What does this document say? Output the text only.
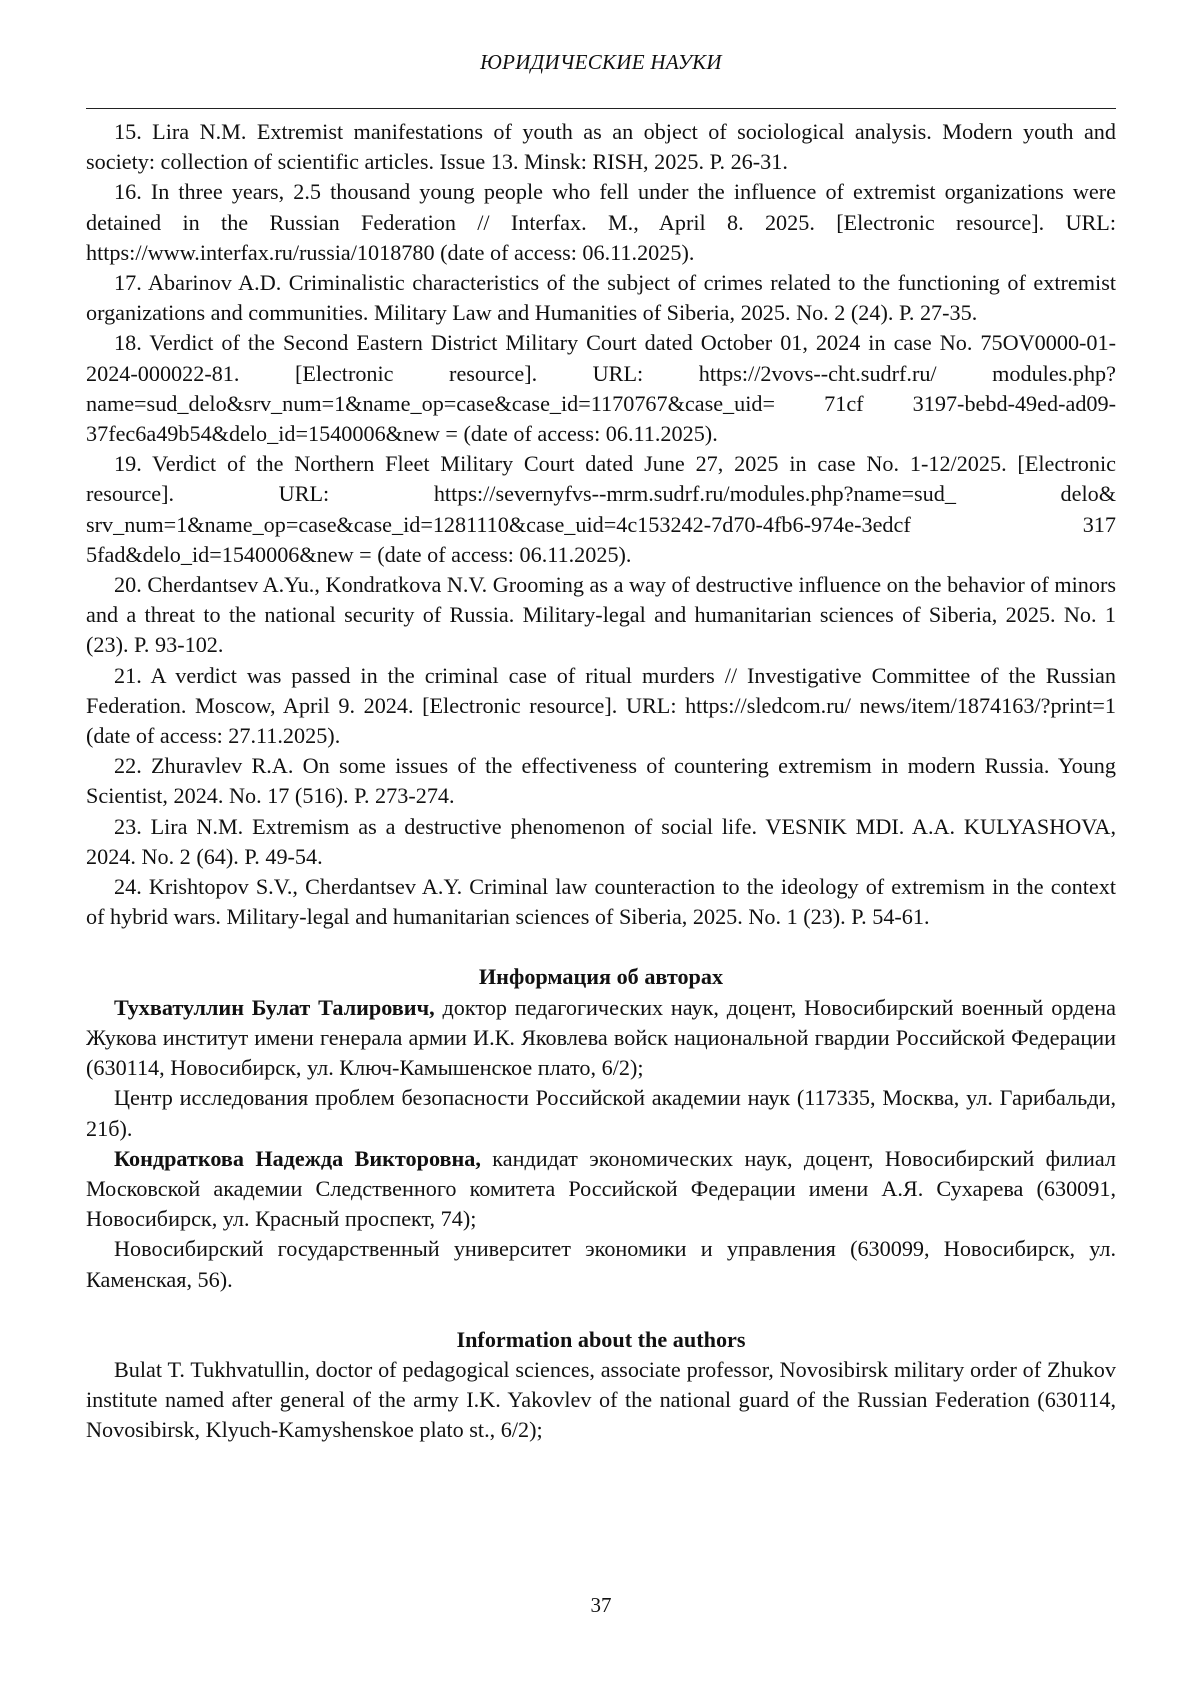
ЮРИДИЧЕСКИЕ НАУКИ

15. Lira N.M. Extremist manifestations of youth as an object of sociological analysis. Modern youth and society: collection of scientific articles. Issue 13. Minsk: RISH, 2025. P. 26-31.

16. In three years, 2.5 thousand young people who fell under the influence of extremist organizations were detained in the Russian Federation // Interfax. M., April 8. 2025. [Electronic resource]. URL: https://www.interfax.ru/russia/1018780 (date of access: 06.11.2025).

17. Abarinov A.D. Criminalistic characteristics of the subject of crimes related to the functioning of extremist organizations and communities. Military Law and Humanities of Siberia, 2025. No. 2 (24). P. 27-35.

18. Verdict of the Second Eastern District Military Court dated October 01, 2024 in case No. 75OV0000-01-2024-000022-81. [Electronic resource]. URL: https://2vovs--cht.sudrf.ru/ modules.php?name=sud_delo&srv_num=1&name_op=case&case_id=1170767&case_uid= 71cf 3197-bebd-49ed-ad09-37fec6a49b54&delo_id=1540006&new = (date of access: 06.11.2025).

19. Verdict of the Northern Fleet Military Court dated June 27, 2025 in case No. 1-12/2025. [Electronic resource]. URL: https://severnyfvs--mrm.sudrf.ru/modules.php?name=sud_ delo& srv_num=1&name_op=case&case_id=1281110&case_uid=4c153242-7d70-4fb6-974e-3edcf 317 5fad&delo_id=1540006&new = (date of access: 06.11.2025).

20. Cherdantsev A.Yu., Kondratkova N.V. Grooming as a way of destructive influence on the behavior of minors and a threat to the national security of Russia. Military-legal and humanitarian sciences of Siberia, 2025. No. 1 (23). P. 93-102.

21. A verdict was passed in the criminal case of ritual murders // Investigative Committee of the Russian Federation. Moscow, April 9. 2024. [Electronic resource]. URL: https://sledcom.ru/ news/item/1874163/?print=1 (date of access: 27.11.2025).

22. Zhuravlev R.A. On some issues of the effectiveness of countering extremism in modern Russia. Young Scientist, 2024. No. 17 (516). P. 273-274.

23. Lira N.M. Extremism as a destructive phenomenon of social life. VESNIK MDI. A.A. KULYASHOVA, 2024. No. 2 (64). P. 49-54.

24. Krishtopov S.V., Cherdantsev A.Y. Criminal law counteraction to the ideology of extremism in the context of hybrid wars. Military-legal and humanitarian sciences of Siberia, 2025. No. 1 (23). P. 54-61.

Информация об авторах

Тухватуллин Булат Талирович, доктор педагогических наук, доцент, Новосибирский военный ордена Жукова институт имени генерала армии И.К. Яковлева войск национальной гвардии Российской Федерации (630114, Новосибирск, ул. Ключ-Камышенское плато, 6/2);

Центр исследования проблем безопасности Российской академии наук (117335, Москва, ул. Гарибальди, 21б).

Кондраткова Надежда Викторовна, кандидат экономических наук, доцент, Новосибирский филиал Московской академии Следственного комитета Российской Федерации имени А.Я. Сухарева (630091, Новосибирск, ул. Красный проспект, 74);

Новосибирский государственный университет экономики и управления (630099, Новосибирск, ул. Каменская, 56).

Information about the authors

Bulat T. Tukhvatullin, doctor of pedagogical sciences, associate professor, Novosibirsk military order of Zhukov institute named after general of the army I.K. Yakovlev of the national guard of the Russian Federation (630114, Novosibirsk, Klyuch-Kamyshenskoe plato st., 6/2);

37
